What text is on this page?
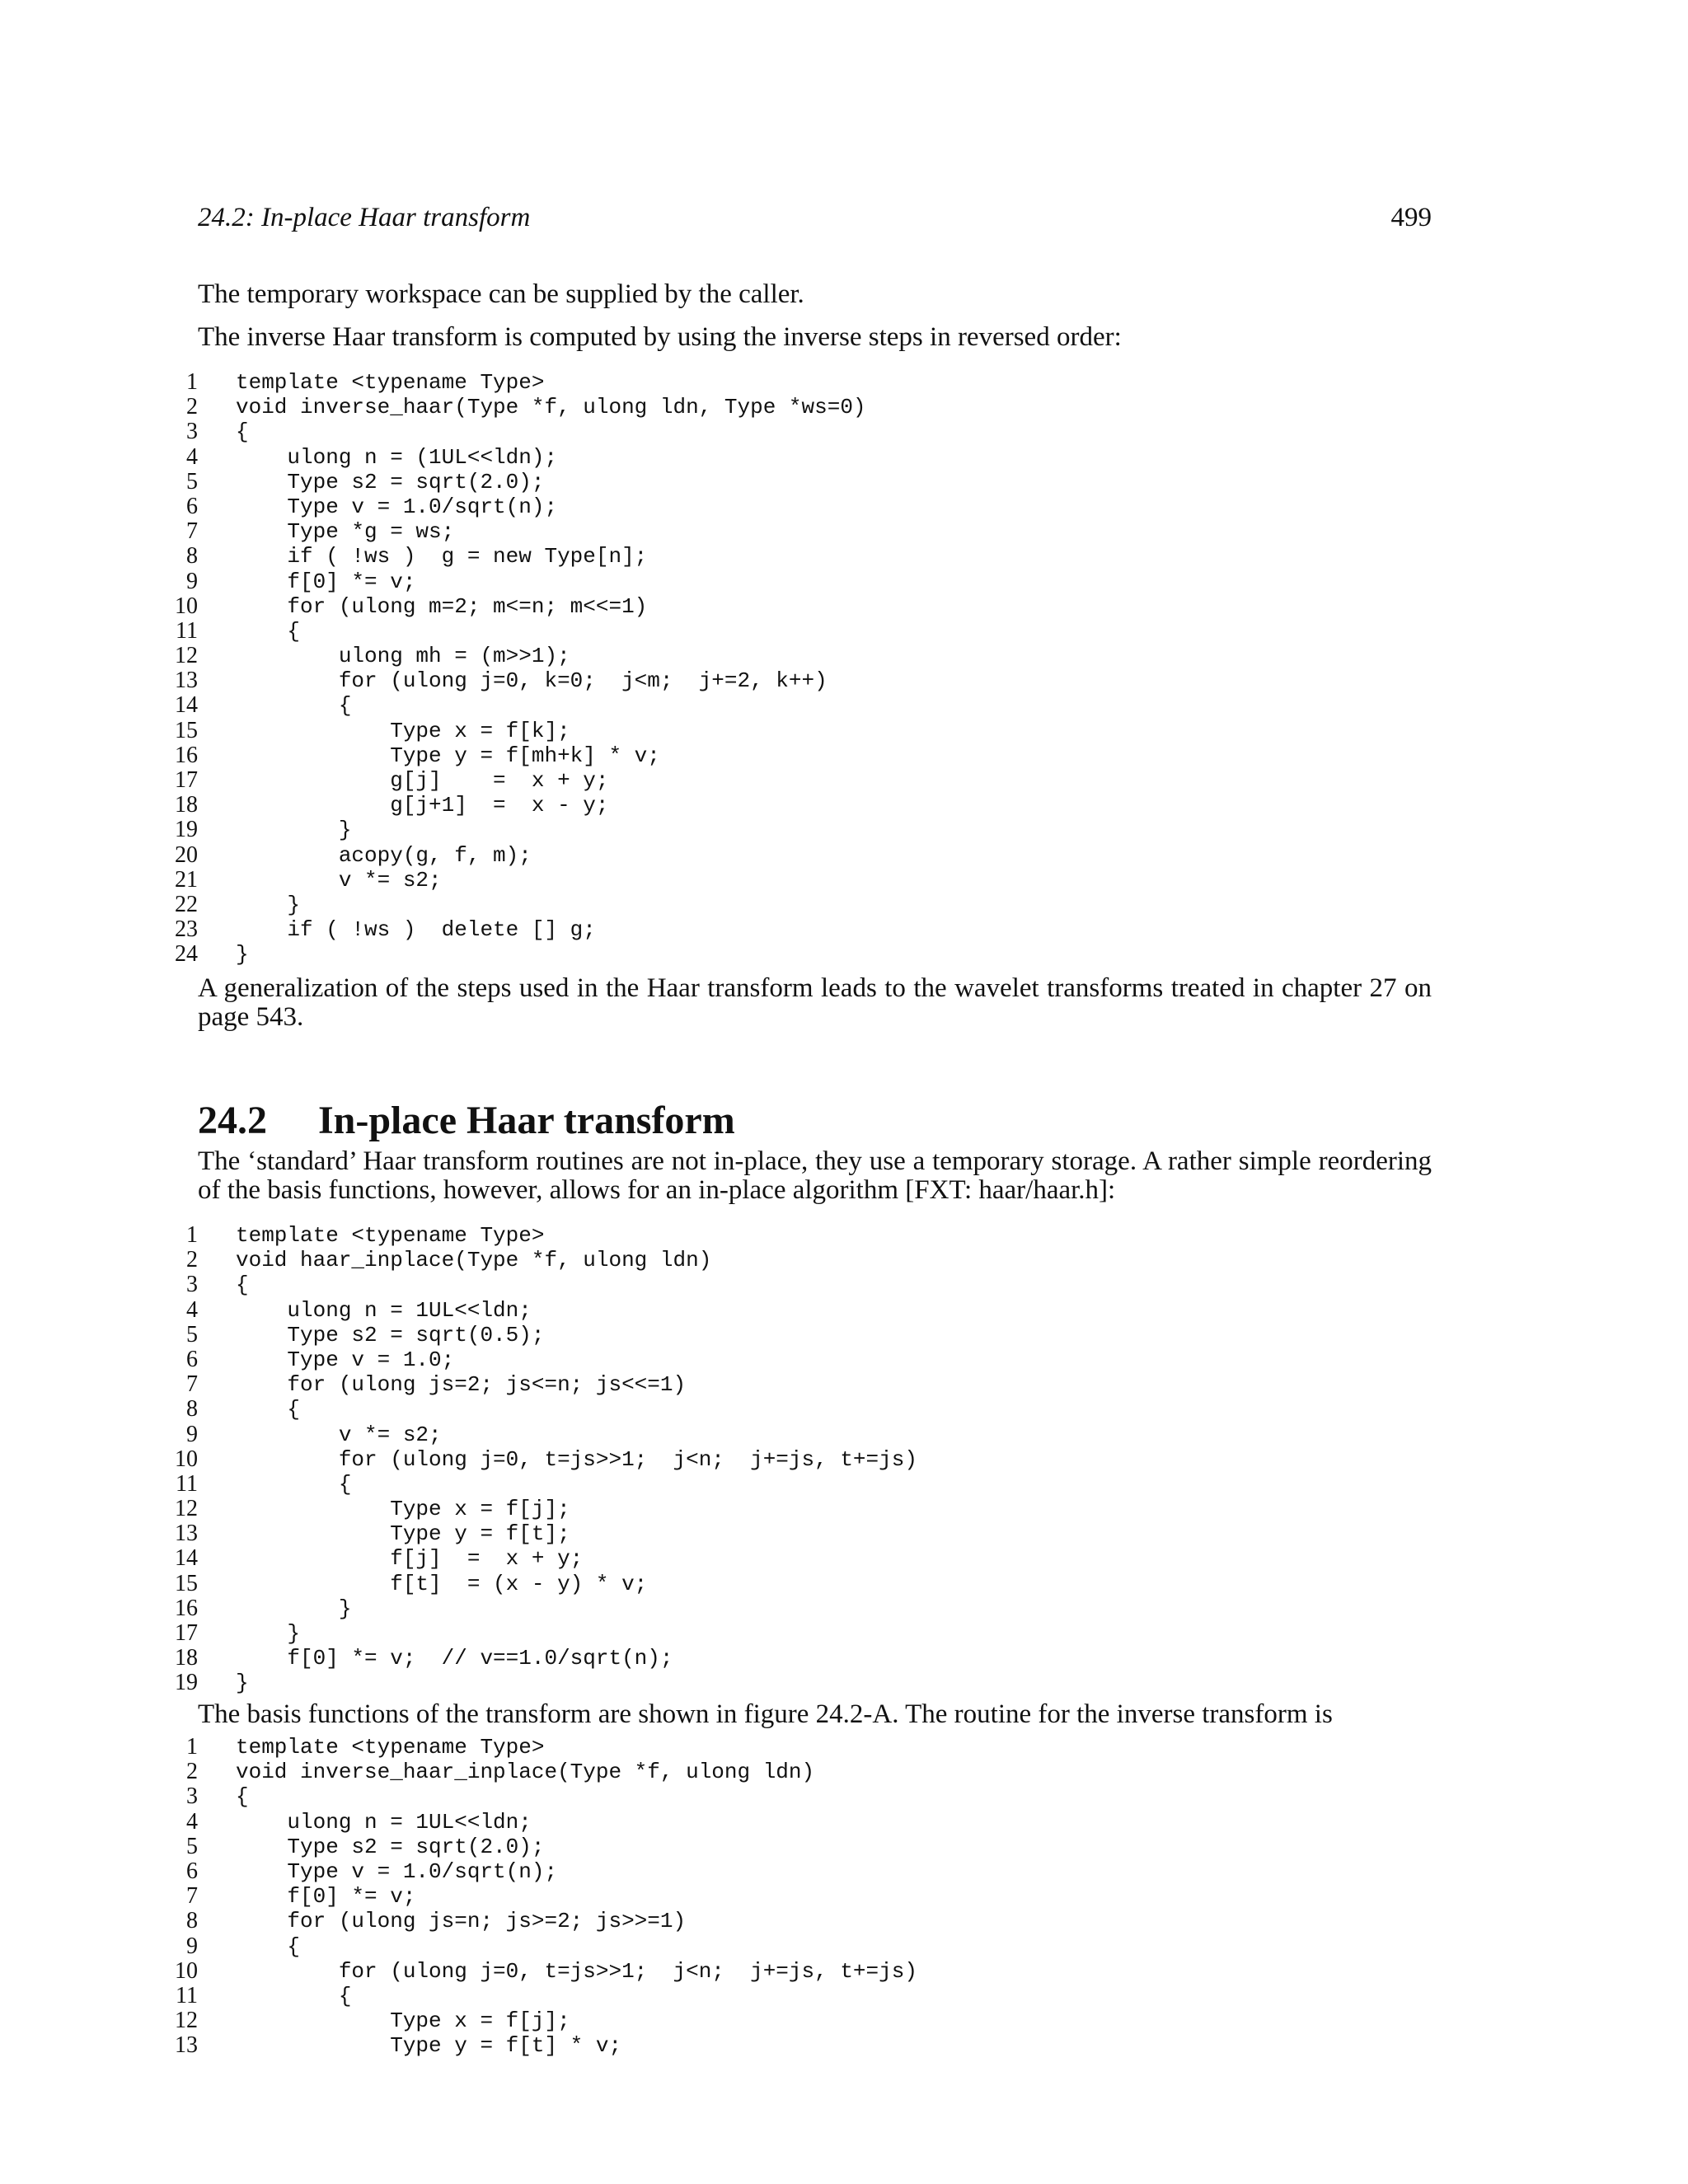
24.2: In-place Haar transform	499

The temporary workspace can be supplied by the caller.

The inverse Haar transform is computed by using the inverse steps in reversed order:

1 template <typename Type>
2 void inverse_haar(Type *f, ulong ldn, Type *ws=0)
3 {
4 ulong n = (1UL<<ldn);
5 Type s2 = sqrt(2.0);
6 Type v = 1.0/sqrt(n);
7 Type *g = ws;
8 if ( !ws )  g = new Type[n];
9 f[0] *= v;
10 for (ulong m=2; m<=n; m<<=1)
11 {
12 ulong mh = (m>>1);
13 for (ulong j=0, k=0;  j<m;  j+=2, k++)
14 {
15 Type x = f[k];
16 Type y = f[mh+k] * v;
17 g[j]    =  x + y;
18 g[j+1]  =  x - y;
19 }
20 acopy(g, f, m);
21 v *= s2;
22 }
23 if ( !ws )  delete [] g;
24 }

A generalization of the steps used in the Haar transform leads to the wavelet transforms treated in chapter 27 on page 543.

24.2 In-place Haar transform

The ‘standard’ Haar transform routines are not in-place, they use a temporary storage. A rather simple reordering of the basis functions, however, allows for an in-place algorithm [FXT: haar/haar.h]:

1 template <typename Type>
2 void haar_inplace(Type *f, ulong ldn)
3 {
4 ulong n = 1UL<<ldn;
5 Type s2 = sqrt(0.5);
6 Type v = 1.0;
7 for (ulong js=2; js<=n; js<<=1)
8 {
9 v *= s2;
10 for (ulong j=0, t=js>>1;  j<n;  j+=js, t+=js)
11 {
12 Type x = f[j];
13 Type y = f[t];
14 f[j]  =  x + y;
15 f[t]  = (x - y) * v;
16 }
17 }
18 f[0] *= v;  // v==1.0/sqrt(n);
19 }

The basis functions of the transform are shown in figure 24.2-A. The routine for the inverse transform is

1 template <typename Type>
2 void inverse_haar_inplace(Type *f, ulong ldn)
3 {
4 ulong n = 1UL<<ldn;
5 Type s2 = sqrt(2.0);
6 Type v = 1.0/sqrt(n);
7 f[0] *= v;
8 for (ulong js=n; js>=2; js>>=1)
9 {
10 for (ulong j=0, t=js>>1;  j<n;  j+=js, t+=js)
11 {
12 Type x = f[j];
13 Type y = f[t] * v;
